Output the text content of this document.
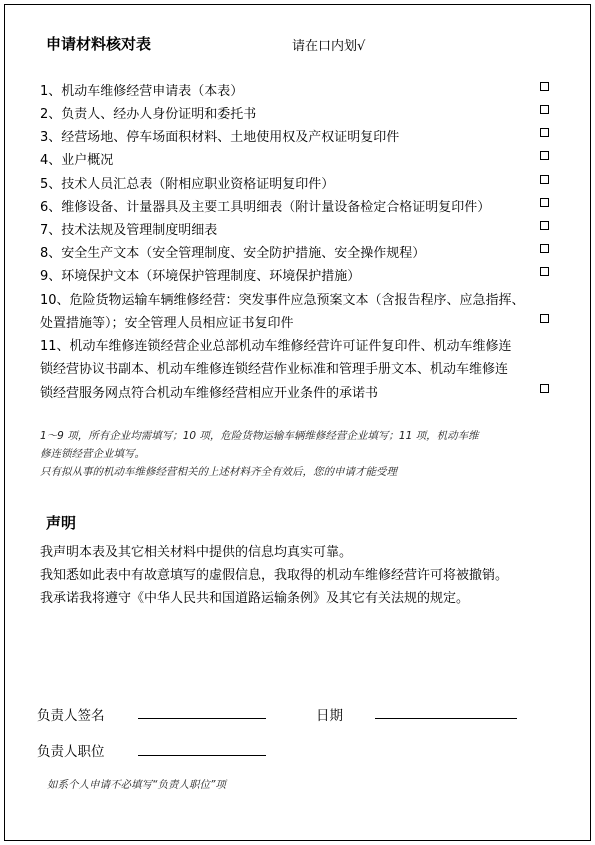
申请材料核对表	请在口内划√
1、机动车维修经营申请表（本表）
2、负责人、经办人身份证明和委托书
3、经营场地、停车场面积材料、土地使用权及产权证明复印件
4、业户概况
5、技术人员汇总表（附相应职业资格证明复印件）
6、维修设备、计量器具及主要工具明细表（附计量设备检定合格证明复印件）
7、技术法规及管理制度明细表
8、安全生产文本（安全管理制度、安全防护措施、安全操作规程）
9、环境保护文本（环境保护管理制度、环境保护措施）
10、危险货物运输车辆维修经营：突发事件应急预案文本（含报告程序、应急指挥、
处置措施等）；安全管理人员相应证书复印件
11、机动车维修连锁经营企业总部机动车维修经营许可证件复印件、机动车维修连
锁经营协议书副本、机动车维修连锁经营作业标准和管理手册文本、机动车维修连
锁经营服务网点符合机动车维修经营相应开业条件的承诺书
1～9 项，所有企业均需填写；10 项，危险货物运输车辆维修经营企业填写；11 项，机动车维
修连锁经营企业填写。
只有拟从事的机动车维修经营相关的上述材料齐全有效后，您的申请才能受理
声明
我声明本表及其它相关材料中提供的信息均真实可靠。
我知悉如此表中有故意填写的虚假信息，我取得的机动车维修经营许可将被撤销。
我承诺我将遵守《中华人民共和国道路运输条例》及其它有关法规的规定。
负责人签名	日期
负责人职位
如系个人申请不必填写“负责人职位”项
